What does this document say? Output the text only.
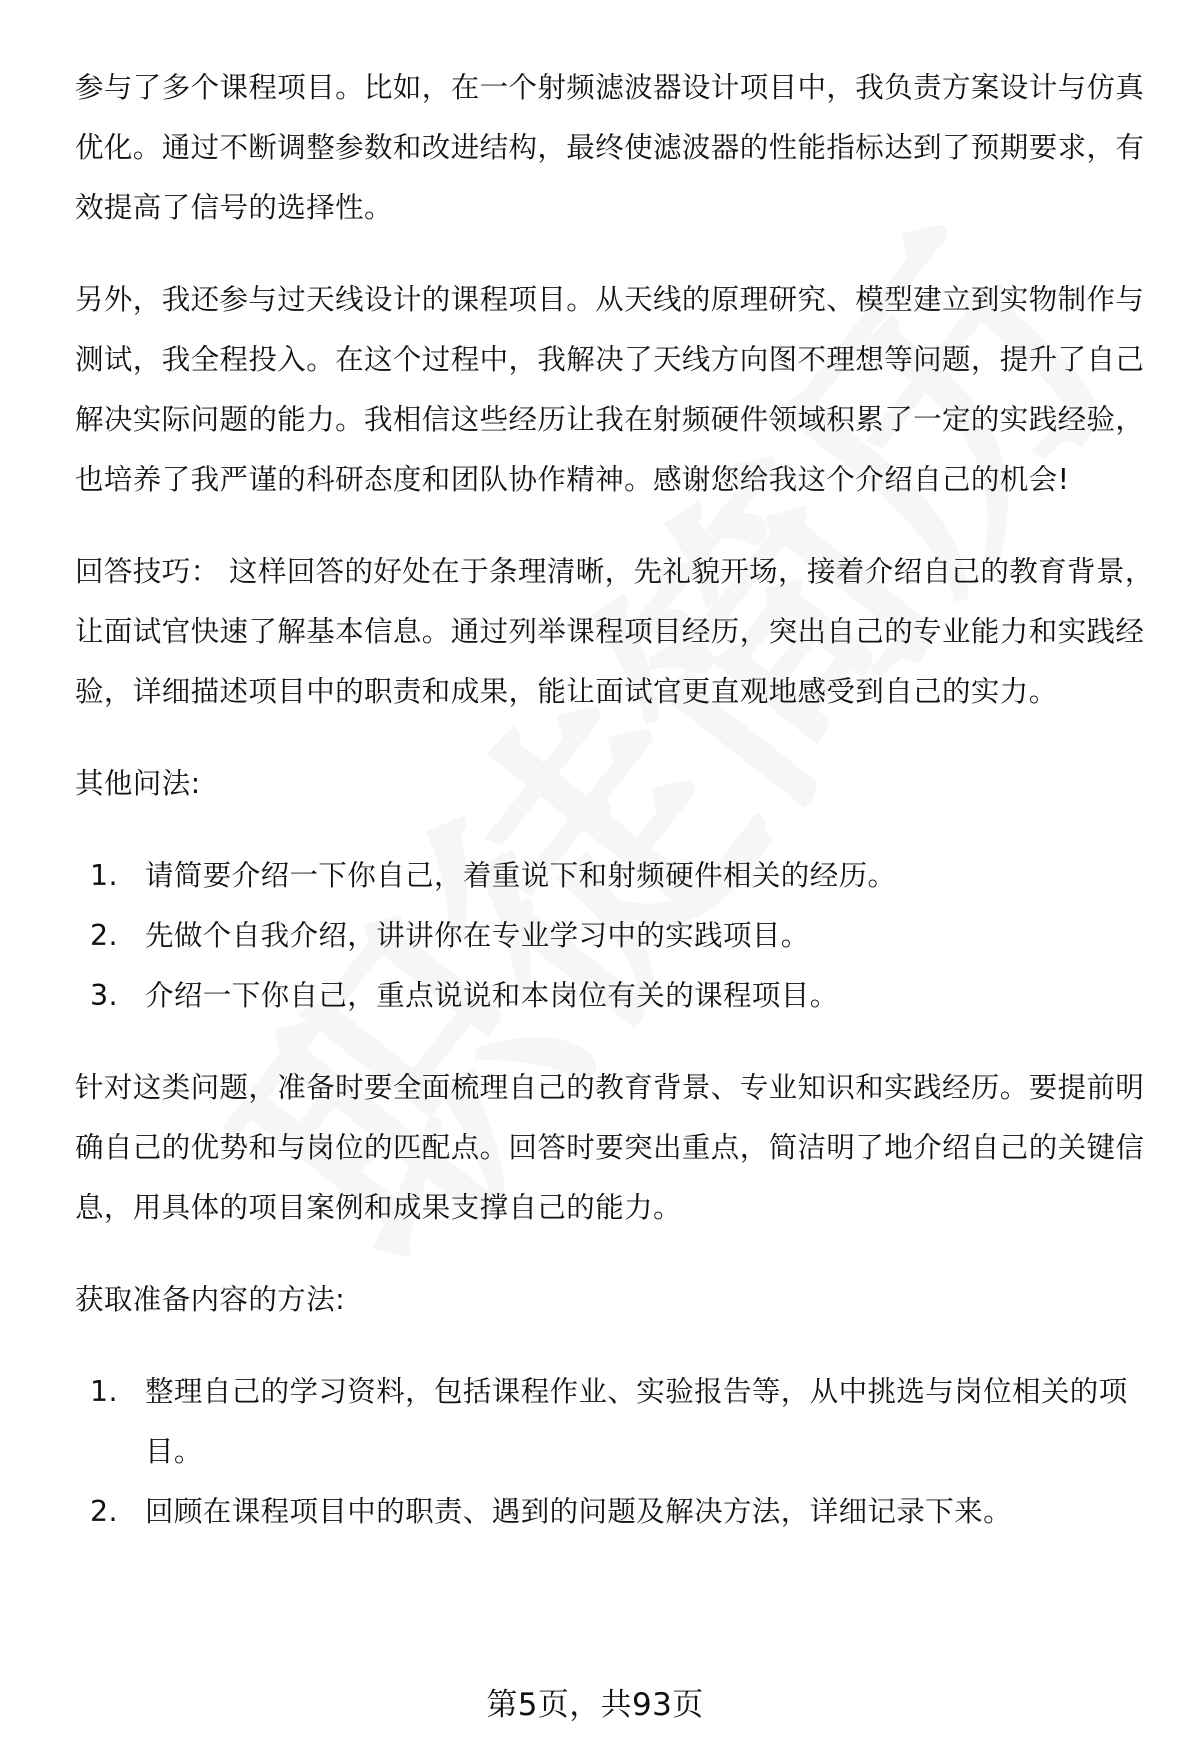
参与了多个课程项目。比如，在一个射频滤波器设计项目中，我负责方案设计与仿真优化。通过不断调整参数和改进结构，最终使滤波器的性能指标达到了预期要求，有效提高了信号的选择性。

另外，我还参与过天线设计的课程项目。从天线的原理研究、模型建立到实物制作与测试，我全程投入。在这个过程中，我解决了天线方向图不理想等问题，提升了自己解决实际问题的能力。我相信这些经历让我在射频硬件领域积累了一定的实践经验，也培养了我严谨的科研态度和团队协作精神。感谢您给我这个介绍自己的机会!

回答技巧： 这样回答的好处在于条理清晰，先礼貌开场，接着介绍自己的教育背景，让面试官快速了解基本信息。通过列举课程项目经历，突出自己的专业能力和实践经验，详细描述项目中的职责和成果，能让面试官更直观地感受到自己的实力。

其他问法:

1. 请简要介绍一下你自己，着重说下和射频硬件相关的经历。
2. 先做个自我介绍，讲讲你在专业学习中的实践项目。
3. 介绍一下你自己，重点说说和本岗位有关的课程项目。

针对这类问题，准备时要全面梳理自己的教育背景、专业知识和实践经历。要提前明确自己的优势和与岗位的匹配点。回答时要突出重点，简洁明了地介绍自己的关键信息，用具体的项目案例和成果支撑自己的能力。

获取准备内容的方法:

1. 整理自己的学习资料，包括课程作业、实验报告等，从中挑选与岗位相关的项目。
2. 回顾在课程项目中的职责、遇到的问题及解决方法，详细记录下来。
第5页，共93页
